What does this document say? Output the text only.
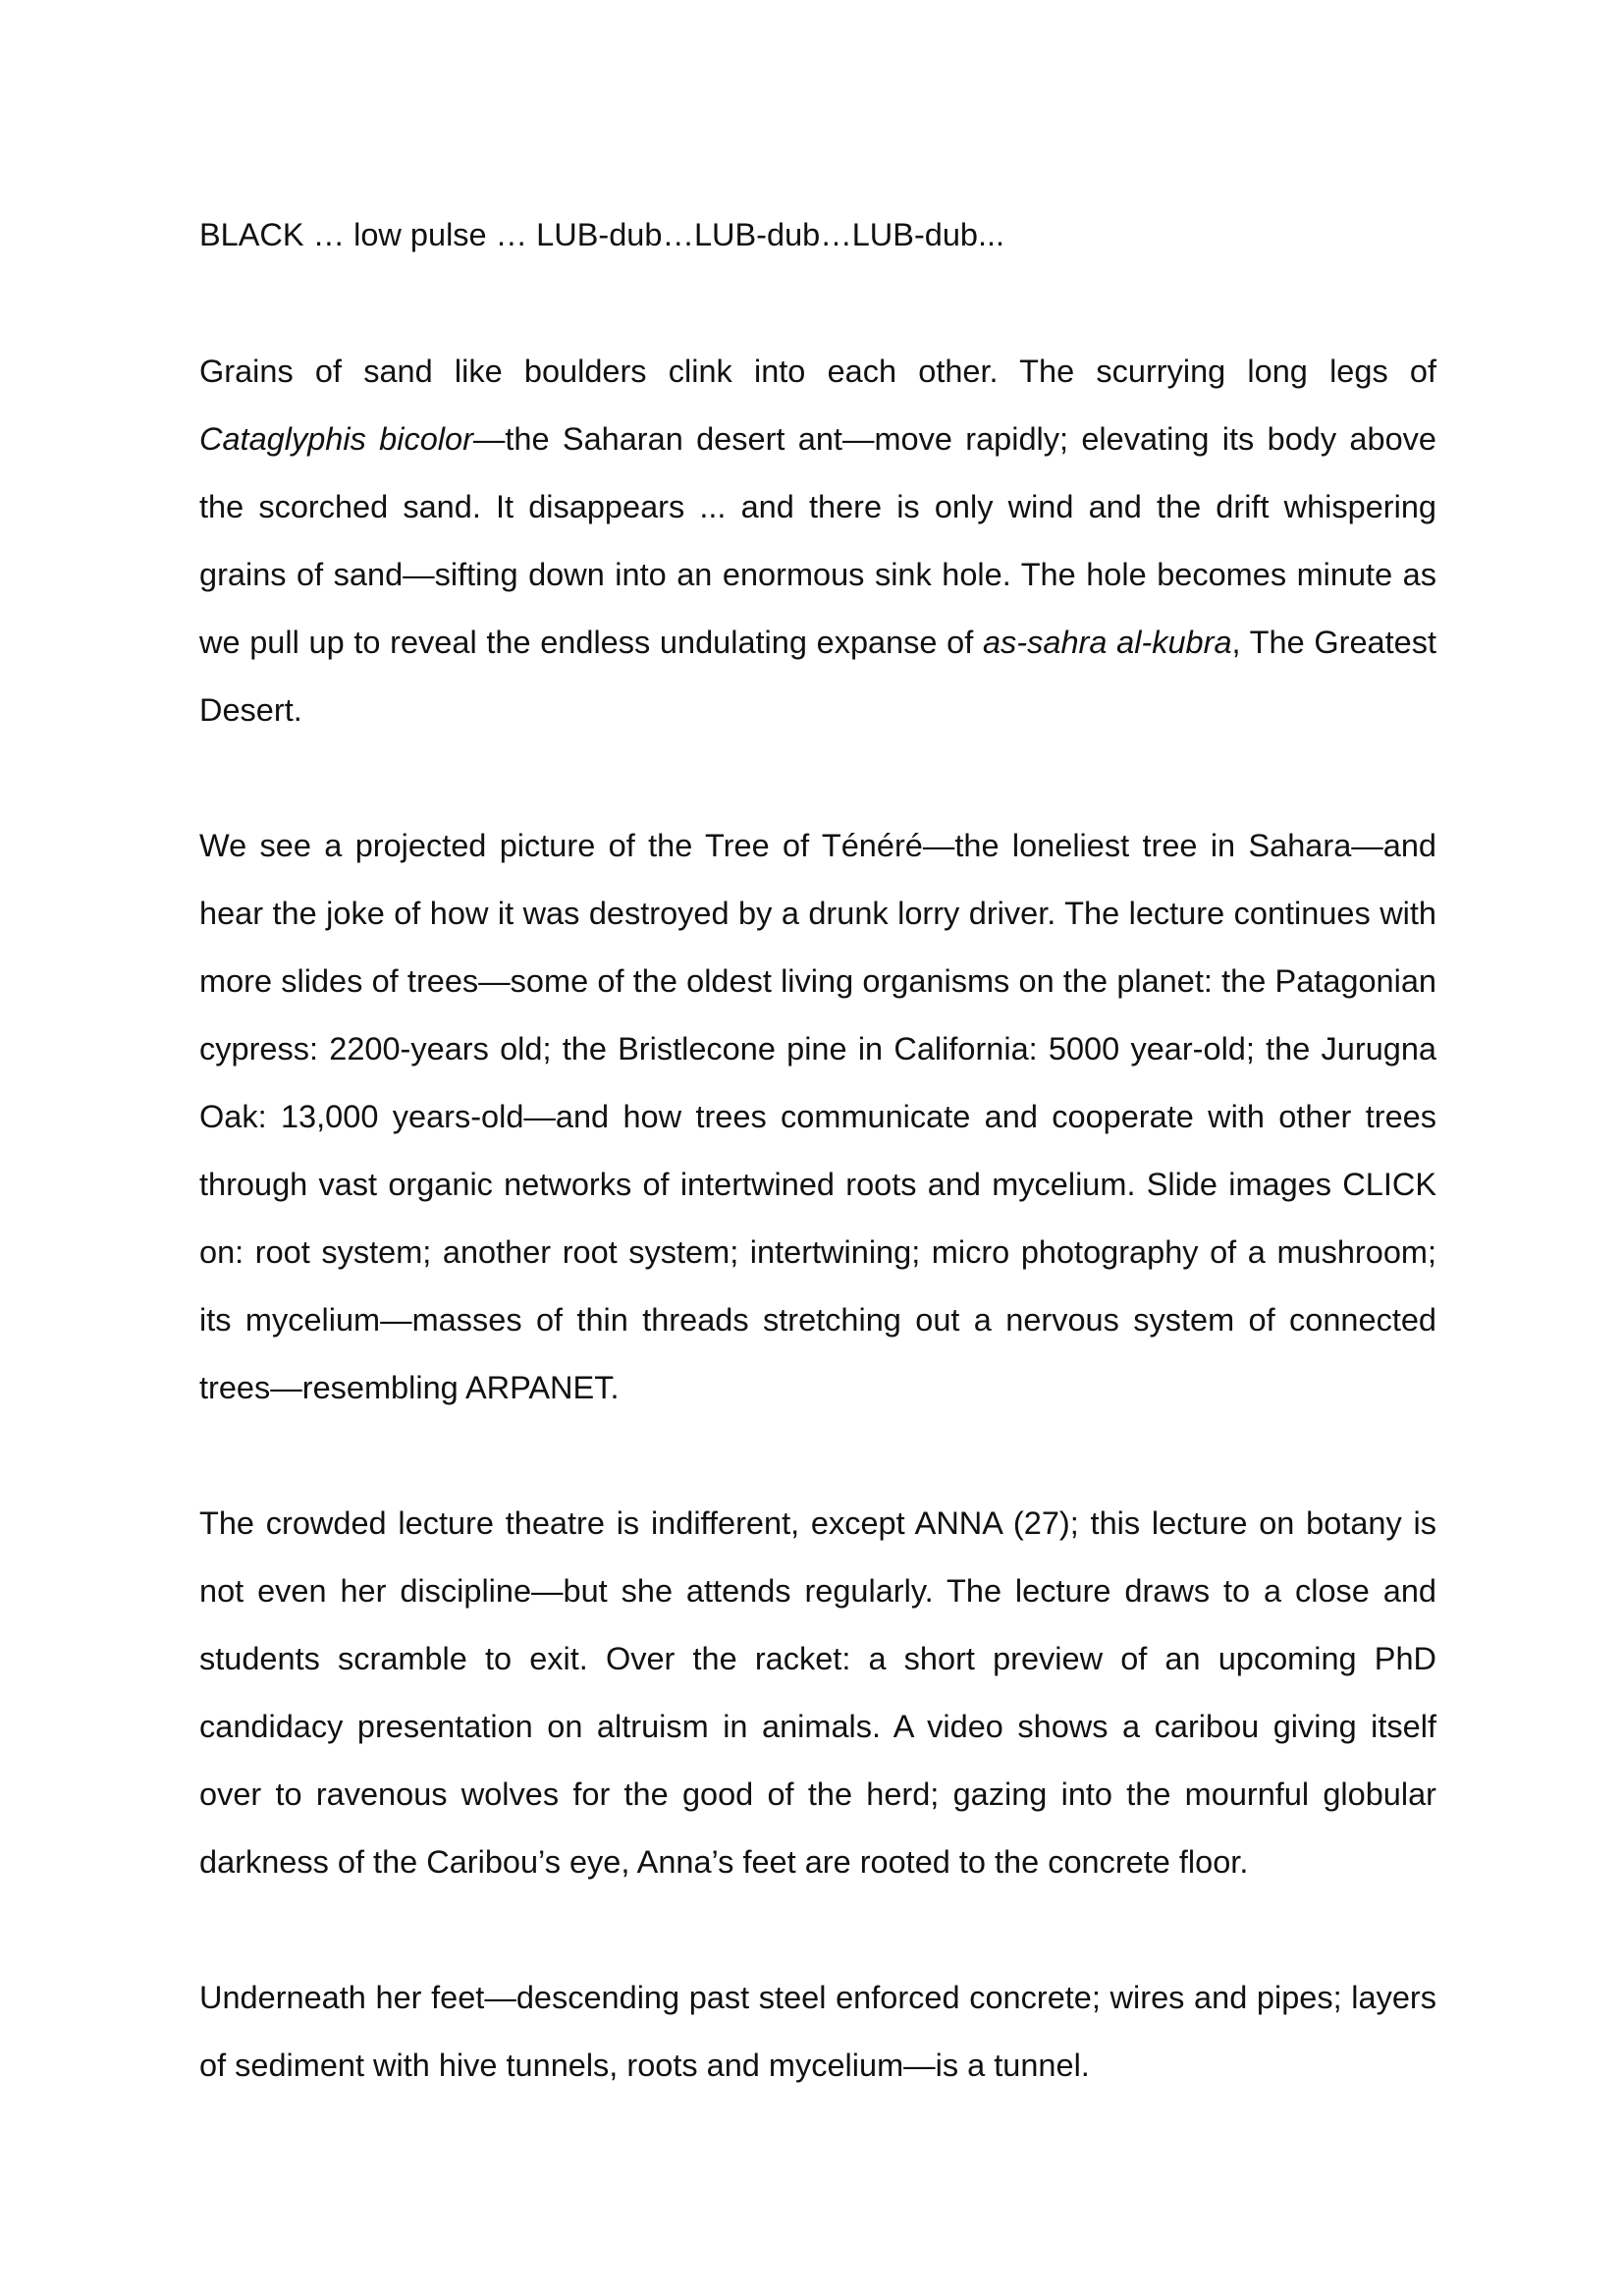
BLACK … low pulse … LUB-dub…LUB-dub…LUB-dub...

Grains of sand like boulders clink into each other. The scurrying long legs of Cataglyphis bicolor—the Saharan desert ant—move rapidly; elevating its body above the scorched sand. It disappears ... and there is only wind and the drift whispering grains of sand—sifting down into an enormous sink hole. The hole becomes minute as we pull up to reveal the endless undulating expanse of as-sahra al-kubra, The Greatest Desert.

We see a projected picture of the Tree of Ténéré—the loneliest tree in Sahara—and hear the joke of how it was destroyed by a drunk lorry driver. The lecture continues with more slides of trees—some of the oldest living organisms on the planet: the Patagonian cypress: 2200-years old; the Bristlecone pine in California: 5000 year-old; the Jurugna Oak: 13,000 years-old—and how trees communicate and cooperate with other trees through vast organic networks of intertwined roots and mycelium. Slide images CLICK on: root system; another root system; intertwining; micro photography of a mushroom; its mycelium—masses of thin threads stretching out a nervous system of connected trees—resembling ARPANET.

The crowded lecture theatre is indifferent, except ANNA (27); this lecture on botany is not even her discipline—but she attends regularly. The lecture draws to a close and students scramble to exit. Over the racket: a short preview of an upcoming PhD candidacy presentation on altruism in animals. A video shows a caribou giving itself over to ravenous wolves for the good of the herd; gazing into the mournful globular darkness of the Caribou’s eye, Anna’s feet are rooted to the concrete floor.

Underneath her feet—descending past steel enforced concrete; wires and pipes; layers of sediment with hive tunnels, roots and mycelium—is a tunnel.
